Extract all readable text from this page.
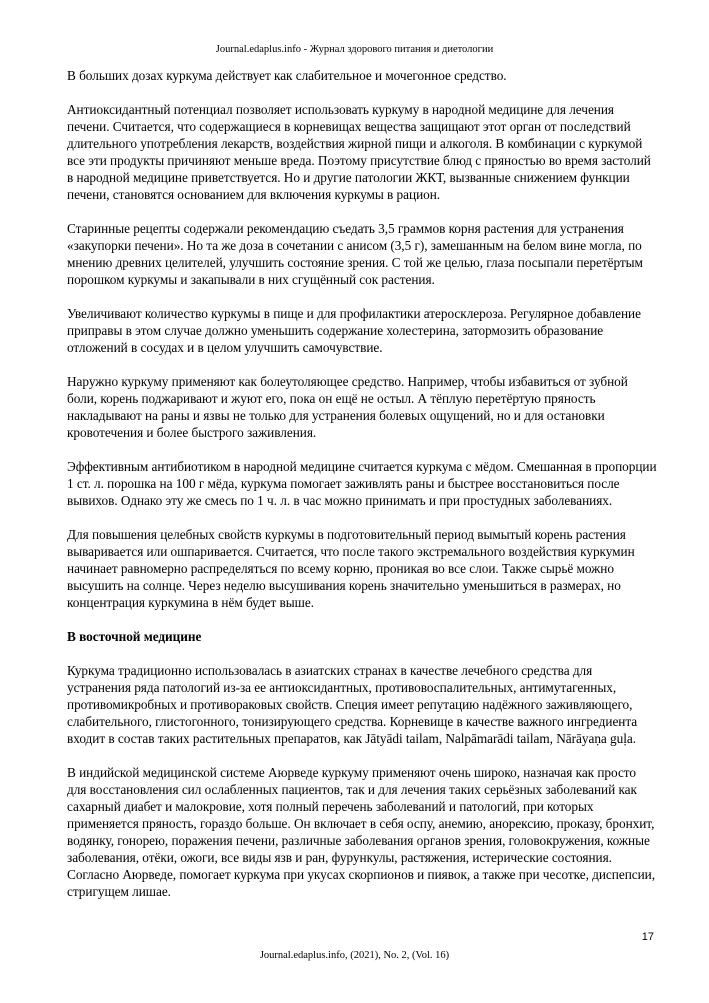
Journal.edaplus.info - Журнал здорового питания и диетологии

В больших дозах куркума действует как слабительное и мочегонное средство.

Антиоксидантный потенциал позволяет использовать куркуму в народной медицине для лечения печени. Считается, что содержащиеся в корневищах вещества защищают этот орган от последствий длительного употребления лекарств, воздействия жирной пищи и алкоголя. В комбинации с куркумой все эти продукты причиняют меньше вреда. Поэтому присутствие блюд с пряностью во время застолий в народной медицине приветствуется. Но и другие патологии ЖКТ, вызванные снижением функции печени, становятся основанием для включения куркумы в рацион.

Старинные рецепты содержали рекомендацию съедать 3,5 граммов корня растения для устранения «закупорки печени». Но та же доза в сочетании с анисом (3,5 г), замешанным на белом вине могла, по мнению древних целителей, улучшить состояние зрения. С той же целью, глаза посыпали перетёртым порошком куркумы и закапывали в них сгущённый сок растения.

Увеличивают количество куркумы в пище и для профилактики атеросклероза. Регулярное добавление приправы в этом случае должно уменьшить содержание холестерина, затормозить образование отложений в сосудах и в целом улучшить самочувствие.

Наружно куркуму применяют как болеутоляющее средство. Например, чтобы избавиться от зубной боли, корень поджаривают и жуют его, пока он ещё не остыл. А тёплую перетёртую пряность накладывают на раны и язвы не только для устранения болевых ощущений, но и для остановки кровотечения и более быстрого заживления.

Эффективным антибиотиком в народной медицине считается куркума с мёдом. Смешанная в пропорции 1 ст. л. порошка на 100 г мёда, куркума помогает заживлять раны и быстрее восстановиться после вывихов. Однако эту же смесь по 1 ч. л. в час можно принимать и при простудных заболеваниях.

Для повышения целебных свойств куркумы в подготовительный период вымытый корень растения вываривается или ошпаривается. Считается, что после такого экстремального воздействия куркумин начинает равномерно распределяться по всему корню, проникая во все слои. Также сырьё можно высушить на солнце. Через неделю высушивания корень значительно уменьшиться в размерах, но концентрация куркумина в нём будет выше.

В восточной медицине

Куркума традиционно использовалась в азиатских странах в качестве лечебного средства для устранения ряда патологий из-за ее антиоксидантных, противовоспалительных, антимутагенных, противомикробных и противораковых свойств. Специя имеет репутацию надёжного заживляющего, слабительного, глистогонного, тонизирующего средства. Корневище в качестве важного ингредиента входит в состав таких растительных препаратов, как Jātyādi tailam, Nalpāmarādi tailam, Nārāyaṇa guḷa.

В индийской медицинской системе Аюрведе куркуму применяют очень широко, назначая как просто для восстановления сил ослабленных пациентов, так и для лечения таких серьёзных заболеваний как сахарный диабет и малокровие, хотя полный перечень заболеваний и патологий, при которых применяется пряность, гораздо больше. Он включает в себя оспу, анемию, анорексию, проказу, бронхит, водянку, гонорею, поражения печени, различные заболевания органов зрения, головокружения, кожные заболевания, отёки, ожоги, все виды язв и ран, фурункулы, растяжения, истерические состояния. Согласно Аюрведе, помогает куркума при укусах скорпионов и пиявок, а также при чесотке, диспепсии, стригущем лишае.

17
Journal.edaplus.info, (2021), No. 2, (Vol. 16)
